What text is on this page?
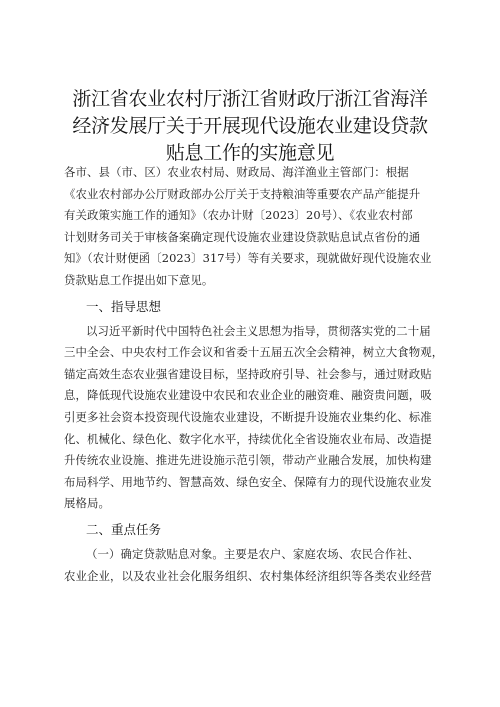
浙江省农业农村厅浙江省财政厅浙江省海洋
经济发展厅关于开展现代设施农业建设贷款
贴息工作的实施意见
各市、县（市、区）农业农村局、财政局、海洋渔业主管部门：根据
《农业农村部办公厅财政部办公厅关于支持粮油等重要农产品产能提升
有关政策实施工作的通知》（农办计财〔2023〕20号）、《农业农村部
计划财务司关于审核备案确定现代设施农业建设贷款贴息试点省份的通
知》（农计财便函〔2023〕317号）等有关要求，现就做好现代设施农业
贷款贴息工作提出如下意见。
一、指导思想
以习近平新时代中国特色社会主义思想为指导，贯彻落实党的二十届
三中全会、中央农村工作会议和省委十五届五次全会精神，树立大食物观，
锚定高效生态农业强省建设目标，坚持政府引导、社会参与，通过财政贴
息，降低现代设施农业建设中农民和农业企业的融资难、融资贵问题，吸
引更多社会资本投资现代设施农业建设，不断提升设施农业集约化、标准
化、机械化、绿色化、数字化水平，持续优化全省设施农业布局、改造提
升传统农业设施、推进先进设施示范引领，带动产业融合发展，加快构建
布局科学、用地节约、智慧高效、绿色安全、保障有力的现代设施农业发
展格局。
二、重点任务
（一）确定贷款贴息对象。主要是农户、家庭农场、农民合作社、
农业企业，以及农业社会化服务组织、农村集体经济组织等各类农业经营
